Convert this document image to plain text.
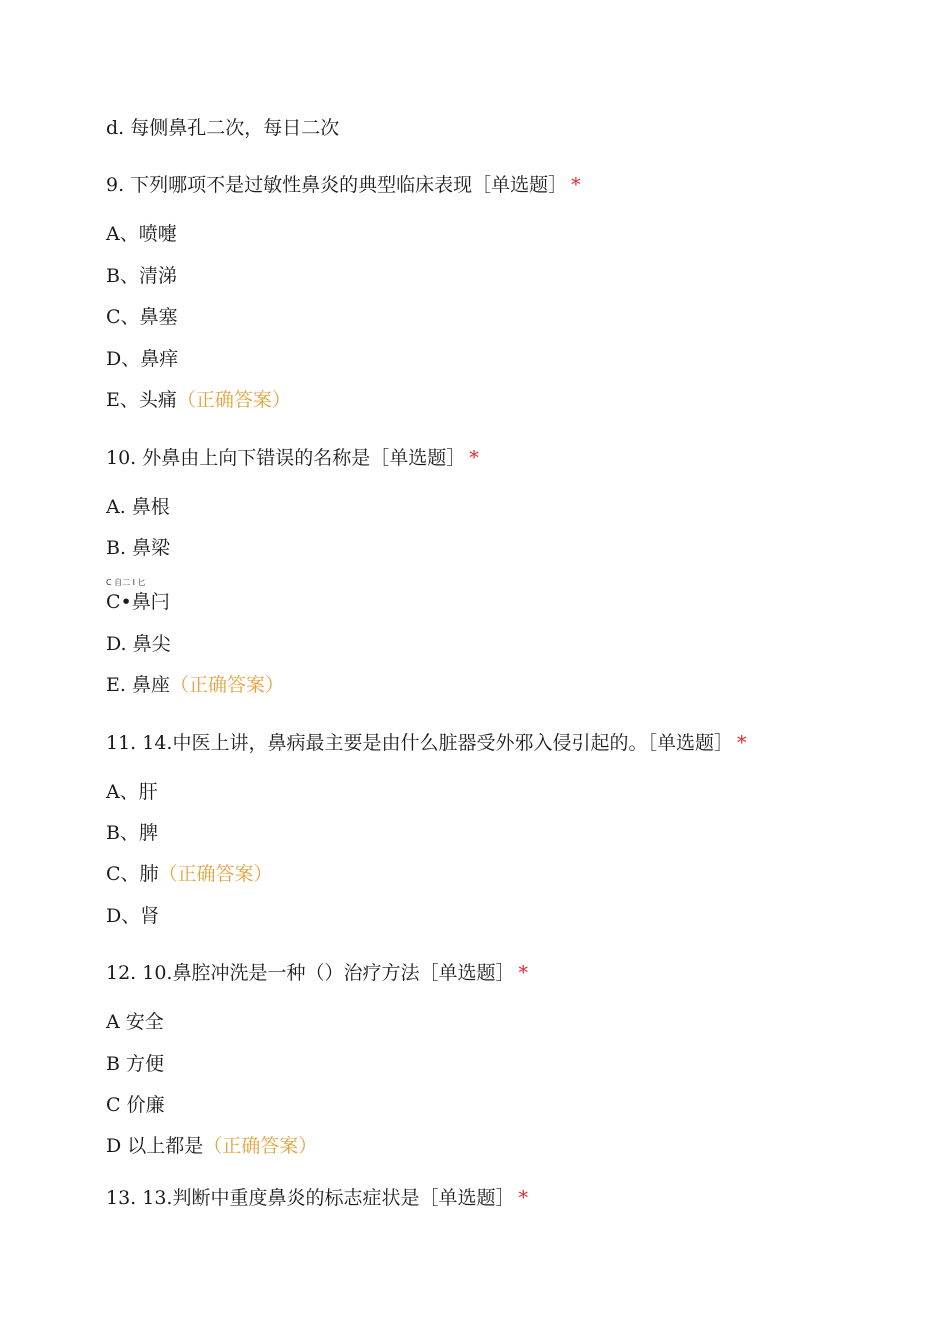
d. 每侧鼻孔二次，每日二次
9. 下列哪项不是过敏性鼻炎的典型临床表现［单选题］ *
A、喷嚏
B、清涕
C、鼻塞
D、鼻痒
E、头痛（正确答案）
10. 外鼻由上向下错误的名称是［单选题］ *
A. 鼻根
B. 鼻梁
C 自二 I 匕
C•鼻闩
D. 鼻尖
E. 鼻座（正确答案）
11. 14.中医上讲，鼻病最主要是由什么脏器受外邪入侵引起的。［单选题］ *
A、肝
B、脾
C、肺（正确答案）
D、肾
12. 10.鼻腔冲洗是一种（）治疗方法［单选题］ *
A 安全
B 方便
C 价廉
D 以上都是（正确答案）
13. 13.判断中重度鼻炎的标志症状是［单选题］ *
